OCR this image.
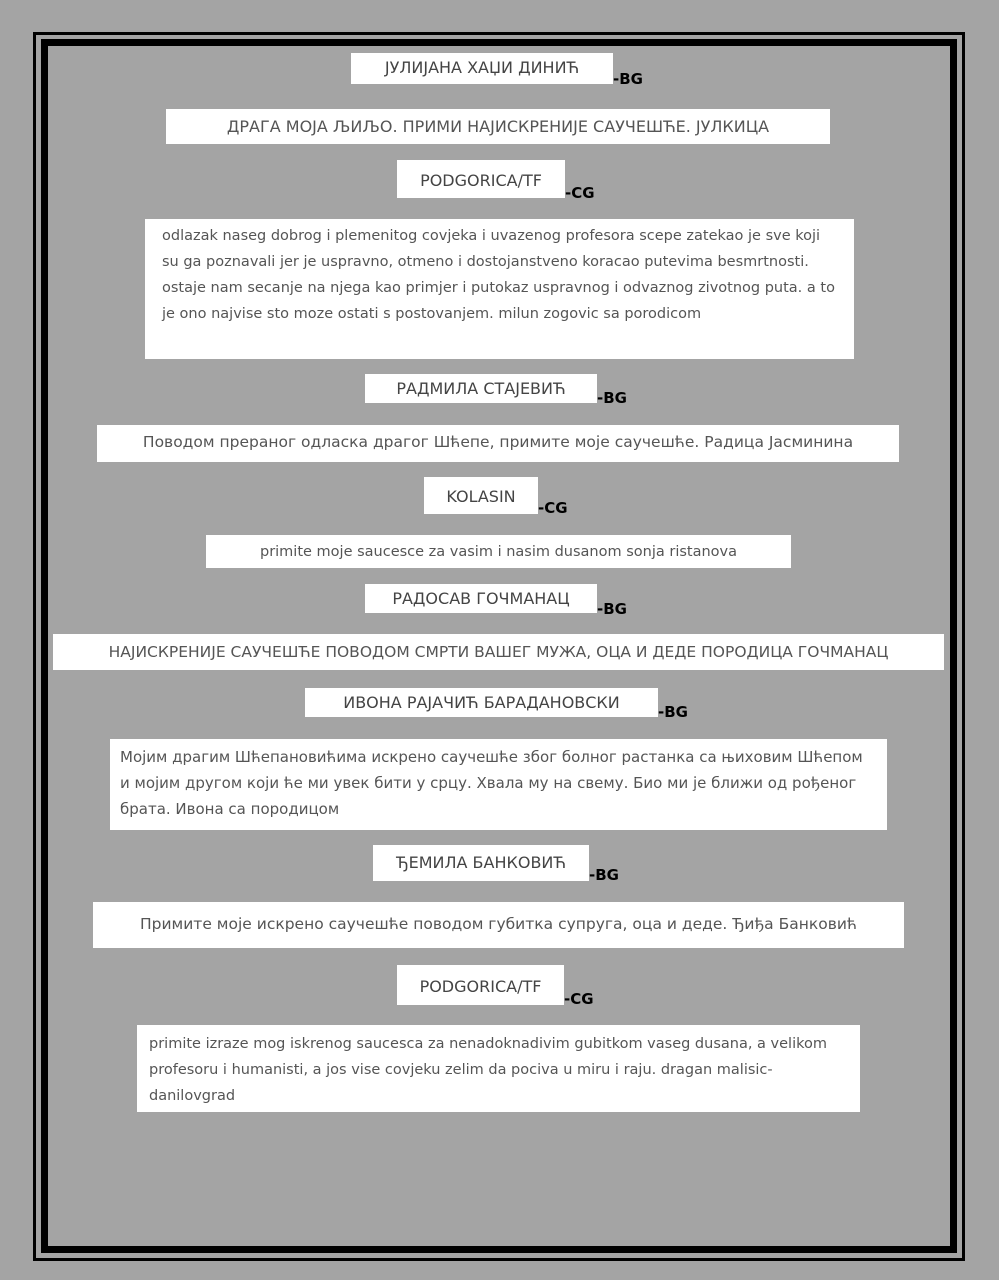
ЈУЛИЈАНА ХАЏИ ДИНИЋ
-BG
ДРАГА МОЈА ЉИЉО. ПРИМИ НАЈИСКРЕНИЈЕ САУЧЕШЋЕ. ЈУЛКИЦА
PODGORICA/TF
-CG
odlazak naseg dobrog i plemenitog covjeka i uvazenog profesora scepe zatekao je sve koji su ga poznavali jer je uspravno, otmeno i dostojanstveno koracao putevima besmrtnosti. ostaje nam secanje na njega kao primjer i putokaz uspravnog i odvaznog zivotnog puta. a to je ono najvise sto moze ostati s postovanjem. milun zogovic sa porodicom
РАДМИЛА СТАЈЕВИЋ	-BG
Поводом прераног одласка драгог Шћепе, примите моје саучешће. Радица Јасминина
KOLASIN
-CG
primite moje saucesce za vasim i nasim dusanom sonja ristanova
РАДОСАВ ГОЧМАНАЦ
-BG
НАЈИСКРЕНИЈЕ САУЧЕШЋЕ ПОВОДОМ СМРТИ ВАШЕГ МУЖА, ОЦА И ДЕДЕ ПОРОДИЦА ГОЧМАНАЦ
ИВОНА РАЈАЧИЋ БАРАДАНОВСКИ	-BG
Мојим драгим Шћепановићима искрено саучешће због болног растанка са њиховим Шћепом и мојим другом који ће ми увек бити у срцу. Хвала му на свему. Био ми је ближи од рођеног брата. Ивона са породицом
ЂЕМИЛА БАНКОВИЋ
-BG
Примите моје искрено саучешће поводом губитка супруга, оца и деде. Ђиђа Банковић
PODGORICA/TF
-CG
primite izraze mog iskrenog saucesca za nenadoknadivim gubitkom vaseg dusana, a velikom profesoru i humanisti, a jos vise covjeku zelim da pociva u miru i raju. dragan malisic-danilovgrad
